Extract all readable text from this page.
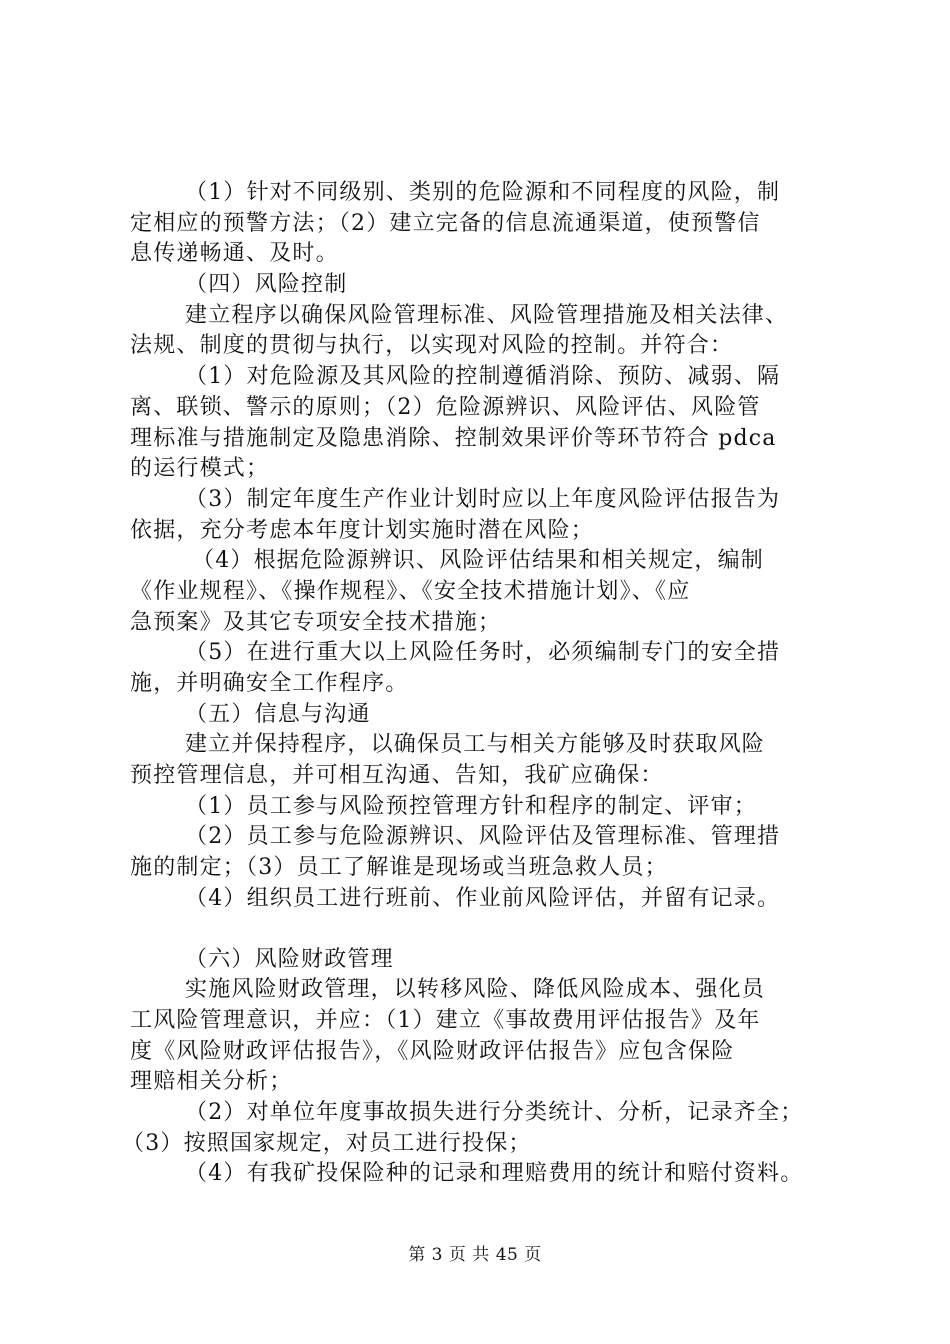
（1）针对不同级别、类别的危险源和不同程度的风险，制
定相应的预警方法；（2）建立完备的信息流通渠道，使预警信
息传递畅通、及时。
（四）风险控制
建立程序以确保风险管理标准、风险管理措施及相关法律、
法规、制度的贯彻与执行，以实现对风险的控制。并符合：
（1）对危险源及其风险的控制遵循消除、预防、减弱、隔
离、联锁、警示的原则；（2）危险源辨识、风险评估、风险管
理标准与措施制定及隐患消除、控制效果评价等环节符合 pdca
的运行模式；
（3）制定年度生产作业计划时应以上年度风险评估报告为
依据，充分考虑本年度计划实施时潜在风险；
（4）根据危险源辨识、风险评估结果和相关规定，编制
《作业规程》、《操作规程》、《安全技术措施计划》、《应
急预案》及其它专项安全技术措施；
（5）在进行重大以上风险任务时，必须编制专门的安全措
施，并明确安全工作程序。
（五）信息与沟通
建立并保持程序，以确保员工与相关方能够及时获取风险
预控管理信息，并可相互沟通、告知，我矿应确保：
（1）员工参与风险预控管理方针和程序的制定、评审；
（2）员工参与危险源辨识、风险评估及管理标准、管理措
施的制定；（3）员工了解谁是现场或当班急救人员；
（4）组织员工进行班前、作业前风险评估，并留有记录。
（六）风险财政管理
实施风险财政管理，以转移风险、降低风险成本、强化员
工风险管理意识，并应：（1）建立《事故费用评估报告》及年
度《风险财政评估报告》，《风险财政评估报告》应包含保险
理赔相关分析；
（2）对单位年度事故损失进行分类统计、分析，记录齐全；
（3）按照国家规定，对员工进行投保；
（4）有我矿投保险种的记录和理赔费用的统计和赔付资料。
第 3 页 共 45 页
